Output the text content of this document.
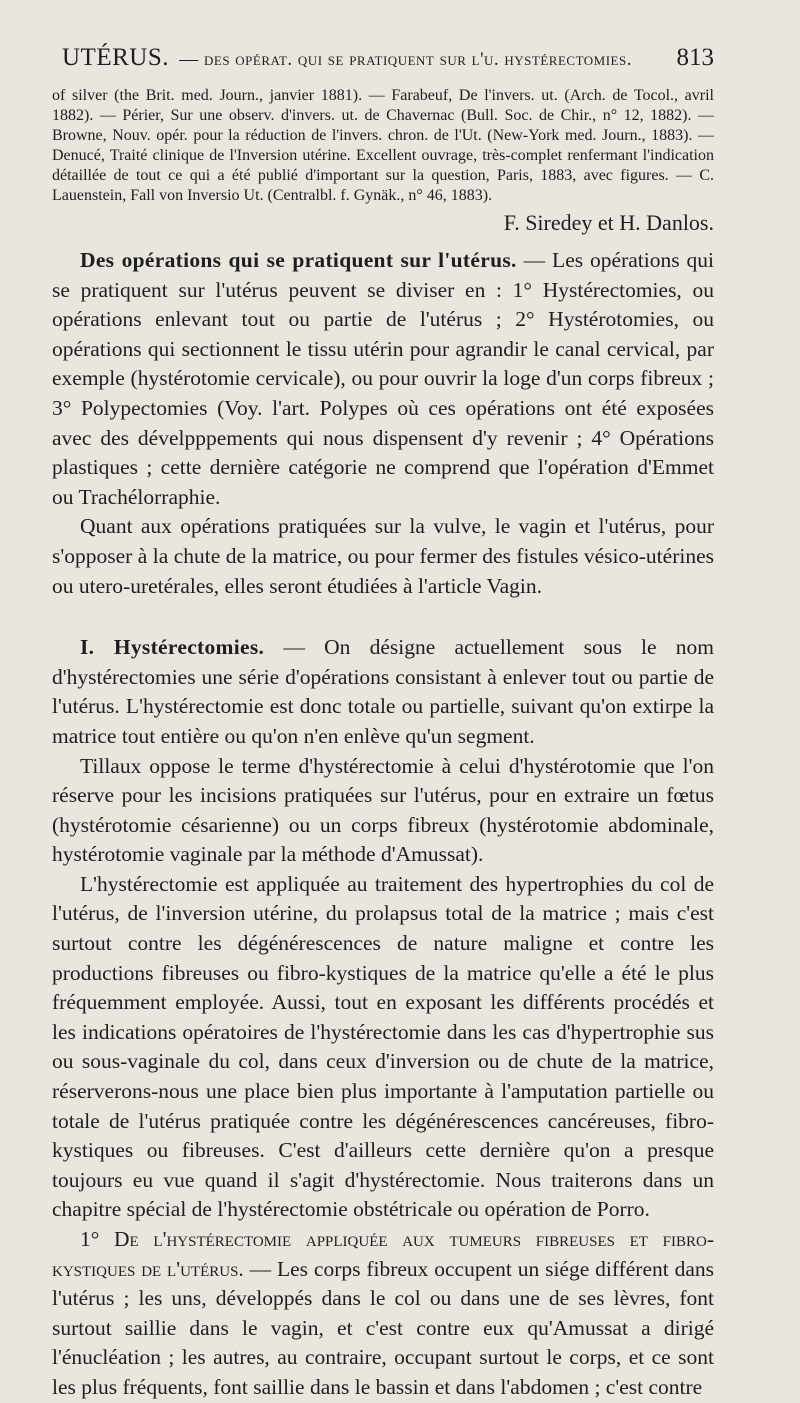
UTÉRUS. — des opérat. qui se pratiquent sur l'u. hystérectomies. 813

of silver (the Brit. med. Journ., janvier 1881). — Farabeuf, De l'invers. ut. (Arch. de Tocol., avril 1882). — Périer, Sur une observ. d'invers. ut. de Chavernac (Bull. Soc. de Chir., n° 12, 1882). — Browne, Nouv. opér. pour la réduction de l'invers. chron. de l'Ut. (New-York med. Journ., 1883). — Denucé, Traité clinique de l'Inversion utérine. Excellent ouvrage, très-complet renfermant l'indication détaillée de tout ce qui a été publié d'important sur la question, Paris, 1883, avec figures. — C. Lauenstein, Fall von Inversio Ut. (Centralbl. f. Gynäk., n° 46, 1883).

F. Siredey et H. Danlos.

Des opérations qui se pratiquent sur l'utérus. — Les opérations qui se pratiquent sur l'utérus peuvent se diviser en : 1° Hystérectomies, ou opérations enlevant tout ou partie de l'utérus ; 2° Hystérotomies, ou opérations qui sectionnent le tissu utérin pour agrandir le canal cervical, par exemple (hystérotomie cervicale), ou pour ouvrir la loge d'un corps fibreux ; 3° Polypectomies (Voy. l'art. Polypes où ces opérations ont été exposées avec des dévelpppements qui nous dispensent d'y revenir ; 4° Opérations plastiques ; cette dernière catégorie ne comprend que l'opération d'Emmet ou Trachélorraphie.

Quant aux opérations pratiquées sur la vulve, le vagin et l'utérus, pour s'opposer à la chute de la matrice, ou pour fermer des fistules vésico-utérines ou utero-uretérales, elles seront étudiées à l'article Vagin.

I. Hystérectomies. — On désigne actuellement sous le nom d'hystérectomies une série d'opérations consistant à enlever tout ou partie de l'utérus. L'hystérectomie est donc totale ou partielle, suivant qu'on extirpe la matrice tout entière ou qu'on n'en enlève qu'un segment.

Tillaux oppose le terme d'hystérectomie à celui d'hystérotomie que l'on réserve pour les incisions pratiquées sur l'utérus, pour en extraire un fœtus (hystérotomie césarienne) ou un corps fibreux (hystérotomie abdominale, hystérotomie vaginale par la méthode d'Amussat).

L'hystérectomie est appliquée au traitement des hypertrophies du col de l'utérus, de l'inversion utérine, du prolapsus total de la matrice ; mais c'est surtout contre les dégénérescences de nature maligne et contre les productions fibreuses ou fibro-kystiques de la matrice qu'elle a été le plus fréquemment employée. Aussi, tout en exposant les différents procédés et les indications opératoires de l'hystérectomie dans les cas d'hypertrophie sus ou sous-vaginale du col, dans ceux d'inversion ou de chute de la matrice, réserverons-nous une place bien plus importante à l'amputation partielle ou totale de l'utérus pratiquée contre les dégénérescences cancéreuses, fibro-kystiques ou fibreuses. C'est d'ailleurs cette dernière qu'on a presque toujours eu vue quand il s'agit d'hystérectomie. Nous traiterons dans un chapitre spécial de l'hystérectomie obstétricale ou opération de Porro.

1° De l'hystérectomie appliquée aux tumeurs fibreuses et fibro-kystiques de l'utérus. — Les corps fibreux occupent un siége différent dans l'utérus ; les uns, développés dans le col ou dans une de ses lèvres, font surtout saillie dans le vagin, et c'est contre eux qu'Amussat a dirigé l'énucléation ; les autres, au contraire, occupant surtout le corps, et ce sont les plus fréquents, font saillie dans le bassin et dans l'abdomen ; c'est contre
